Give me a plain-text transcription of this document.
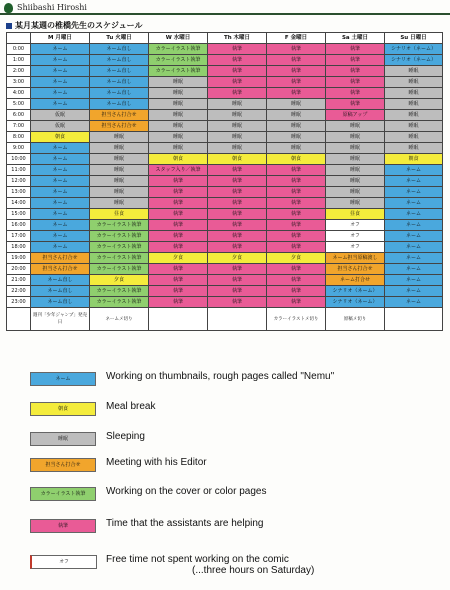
Shiibashi Hiroshi
某月某週の椎橋先生のスケジュール
	M 月曜日	Tu 火曜日	W 水曜日	Th 木曜日	F 金曜日	Sa 土曜日	Su 日曜日
0:00	ネーム	ネーム直し	カラーイラスト執筆	執筆	執筆	執筆	シナリオ（ネーム）
1:00	ネーム	ネーム直し	カラーイラスト執筆	執筆	執筆	執筆	シナリオ（ネーム）
2:00	ネーム	ネーム直し	カラーイラスト執筆	執筆	執筆	執筆	睡眠
3:00	ネーム	ネーム直し	睡眠	執筆	執筆	執筆	睡眠
4:00	ネーム	ネーム直し	睡眠	執筆	執筆	執筆	睡眠
5:00	ネーム	ネーム直し	睡眠	睡眠	睡眠	執筆	睡眠
6:00	仮眠	担当さん打合せ	睡眠	睡眠	睡眠	原稿アップ	睡眠
7:00	仮眠	担当さん打合せ	睡眠	睡眠	睡眠	睡眠	睡眠
8:00	朝食	睡眠	睡眠	睡眠	睡眠	睡眠	睡眠
9:00	ネーム	睡眠	睡眠	睡眠	睡眠	睡眠	睡眠
10:00	ネーム	睡眠	朝食	朝食	朝食	睡眠	朝食
11:00	ネーム	睡眠	スタッフ入り／執筆	執筆	執筆	睡眠	ネーム
12:00	ネーム	睡眠	執筆	執筆	執筆	睡眠	ネーム
13:00	ネーム	睡眠	執筆	執筆	執筆	睡眠	ネーム
14:00	ネーム	睡眠	執筆	執筆	執筆	睡眠	ネーム
15:00	ネーム	昼食	執筆	執筆	執筆	昼食	ネーム
16:00	ネーム	カラーイラスト執筆	執筆	執筆	執筆	オフ	ネーム
17:00	ネーム	カラーイラスト執筆	執筆	執筆	執筆	オフ	ネーム
18:00	ネーム	カラーイラスト執筆	執筆	執筆	執筆	オフ	ネーム
19:00	担当さん打合せ	カラーイラスト執筆	夕食	夕食	夕食	ネーム担当原稿渡し	ネーム
20:00	担当さん打合せ	カラーイラスト執筆	執筆	執筆	執筆	担当さん打合せ	ネーム
21:00	ネーム直し	夕食	執筆	執筆	執筆	ネーム打合せ	ネーム
22:00	ネーム直し	カラーイラスト執筆	執筆	執筆	執筆	シナリオ（ネーム）	ネーム
23:00	ネーム直し	カラーイラスト執筆	執筆	執筆	執筆	シナリオ（ネーム）	ネーム
	週刊「少年ジャンプ」発売日	ネームメ切り			カラーイラストメ切り	原稿メ切り	
ネーム	Working on thumbnails, rough pages called "Nemu"
朝食	Meal break
睡眠	Sleeping
担当さん打合せ	Meeting with his Editor
カラーイラスト執筆	Working on the cover or color pages
執筆	Time that the assistants are helping
オフ	Free time not spent working on the comic
(...three hours on Saturday)
